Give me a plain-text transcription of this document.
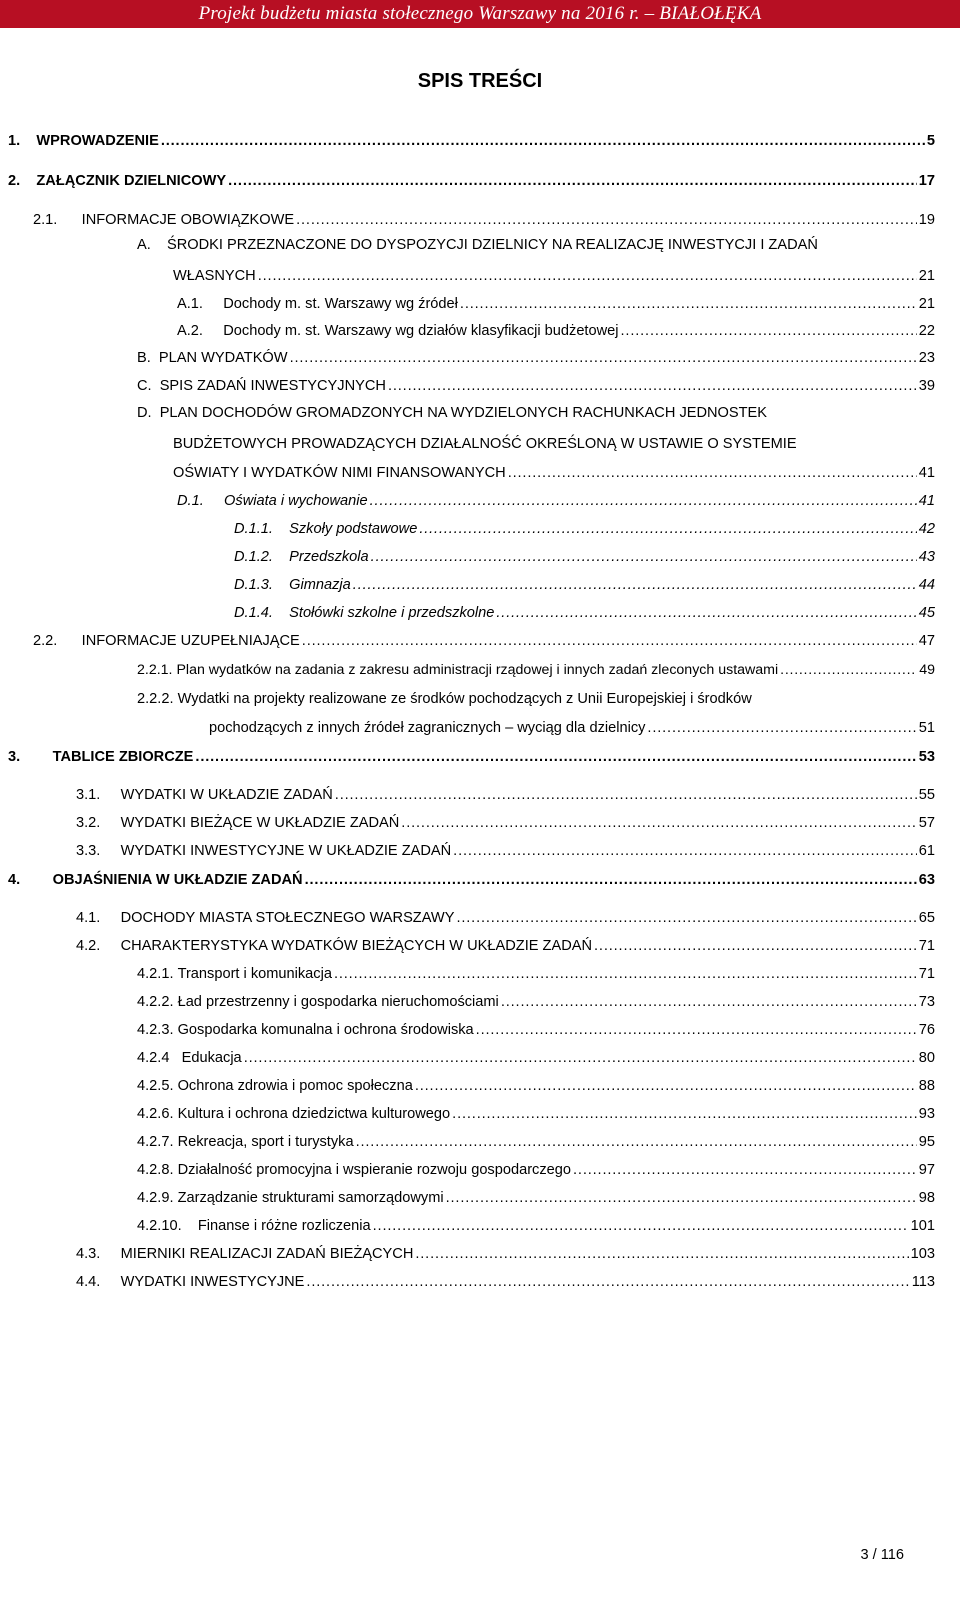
Projekt budżetu miasta stołecznego Warszawy na 2016 r. – BIAŁOŁĘKA
SPIS TREŚCI
1. WPROWADZENIE . . .	5
2. ZAŁĄCZNIK DZIELNICOWY . . .	17
2.1. INFORMACJE OBOWIĄZKOWE . . .	19
A. ŚRODKI PRZEZNACZONE DO DYSPOZYCJI DZIELNICY NA REALIZACJĘ INWESTYCJI I ZADAŃ
WŁASNYCH . . .	21
A.1. Dochody m. st. Warszawy wg źródeł . . .	21
A.2. Dochody m. st. Warszawy wg działów klasyfikacji budżetowej . . .	22
B. PLAN WYDATKÓW . . .	23
C. SPIS ZADAŃ INWESTYCYJNYCH . . .	39
D. PLAN DOCHODÓW GROMADZONYCH NA WYDZIELONYCH RACHUNKACH JEDNOSTEK
BUDŻETOWYCH PROWADZĄCYCH DZIAŁALNOŚĆ OKREŚLONĄ W USTAWIE O SYSTEMIE
OŚWIATY I WYDATKÓW NIMI FINANSOWANYCH . . .	41
D.1. Oświata i wychowanie . . .	41
D.1.1. Szkoły podstawowe . . .	42
D.1.2. Przedszkola . . .	43
D.1.3. Gimnazja . . .	44
D.1.4. Stołówki szkolne i przedszkolne . . .	45
2.2. INFORMACJE UZUPEŁNIAJĄCE . . .	47
2.2.1. Plan wydatków na zadania z zakresu administracji rządowej i innych zadań zleconych ustawami . . .	49
2.2.2. Wydatki na projekty realizowane ze środków pochodzących z Unii Europejskiej i środków
pochodzących z innych źródeł zagranicznych – wyciąg dla dzielnicy . . .	51
3. TABLICE ZBIORCZE . . .	53
3.1. WYDATKI W UKŁADZIE ZADAŃ . . .	55
3.2. WYDATKI BIEŻĄCE W UKŁADZIE ZADAŃ . . .	57
3.3. WYDATKI INWESTYCYJNE W UKŁADZIE ZADAŃ . . .	61
4. OBJAŚNIENIA W UKŁADZIE ZADAŃ . . .	63
4.1. DOCHODY MIASTA STOŁECZNEGO WARSZAWY . . .	65
4.2. CHARAKTERYSTYKA WYDATKÓW BIEŻĄCYCH W UKŁADZIE ZADAŃ . . .	71
4.2.1. Transport i komunikacja . . .	71
4.2.2. Ład przestrzenny i gospodarka nieruchomościami . . .	73
4.2.3. Gospodarka komunalna i ochrona środowiska . . .	76
4.2.4 Edukacja . . .	80
4.2.5. Ochrona zdrowia i pomoc społeczna . . .	88
4.2.6. Kultura i ochrona dziedzictwa kulturowego . . .	93
4.2.7. Rekreacja, sport i turystyka . . .	95
4.2.8. Działalność promocyjna i wspieranie rozwoju gospodarczego . . .	97
4.2.9. Zarządzanie strukturami samorządowymi . . .	98
4.2.10. Finanse i różne rozliczenia . . .	101
4.3. MIERNIKI REALIZACJI ZADAŃ BIEŻĄCYCH . . .	103
4.4. WYDATKI INWESTYCYJNE . . .	113
3 / 116
